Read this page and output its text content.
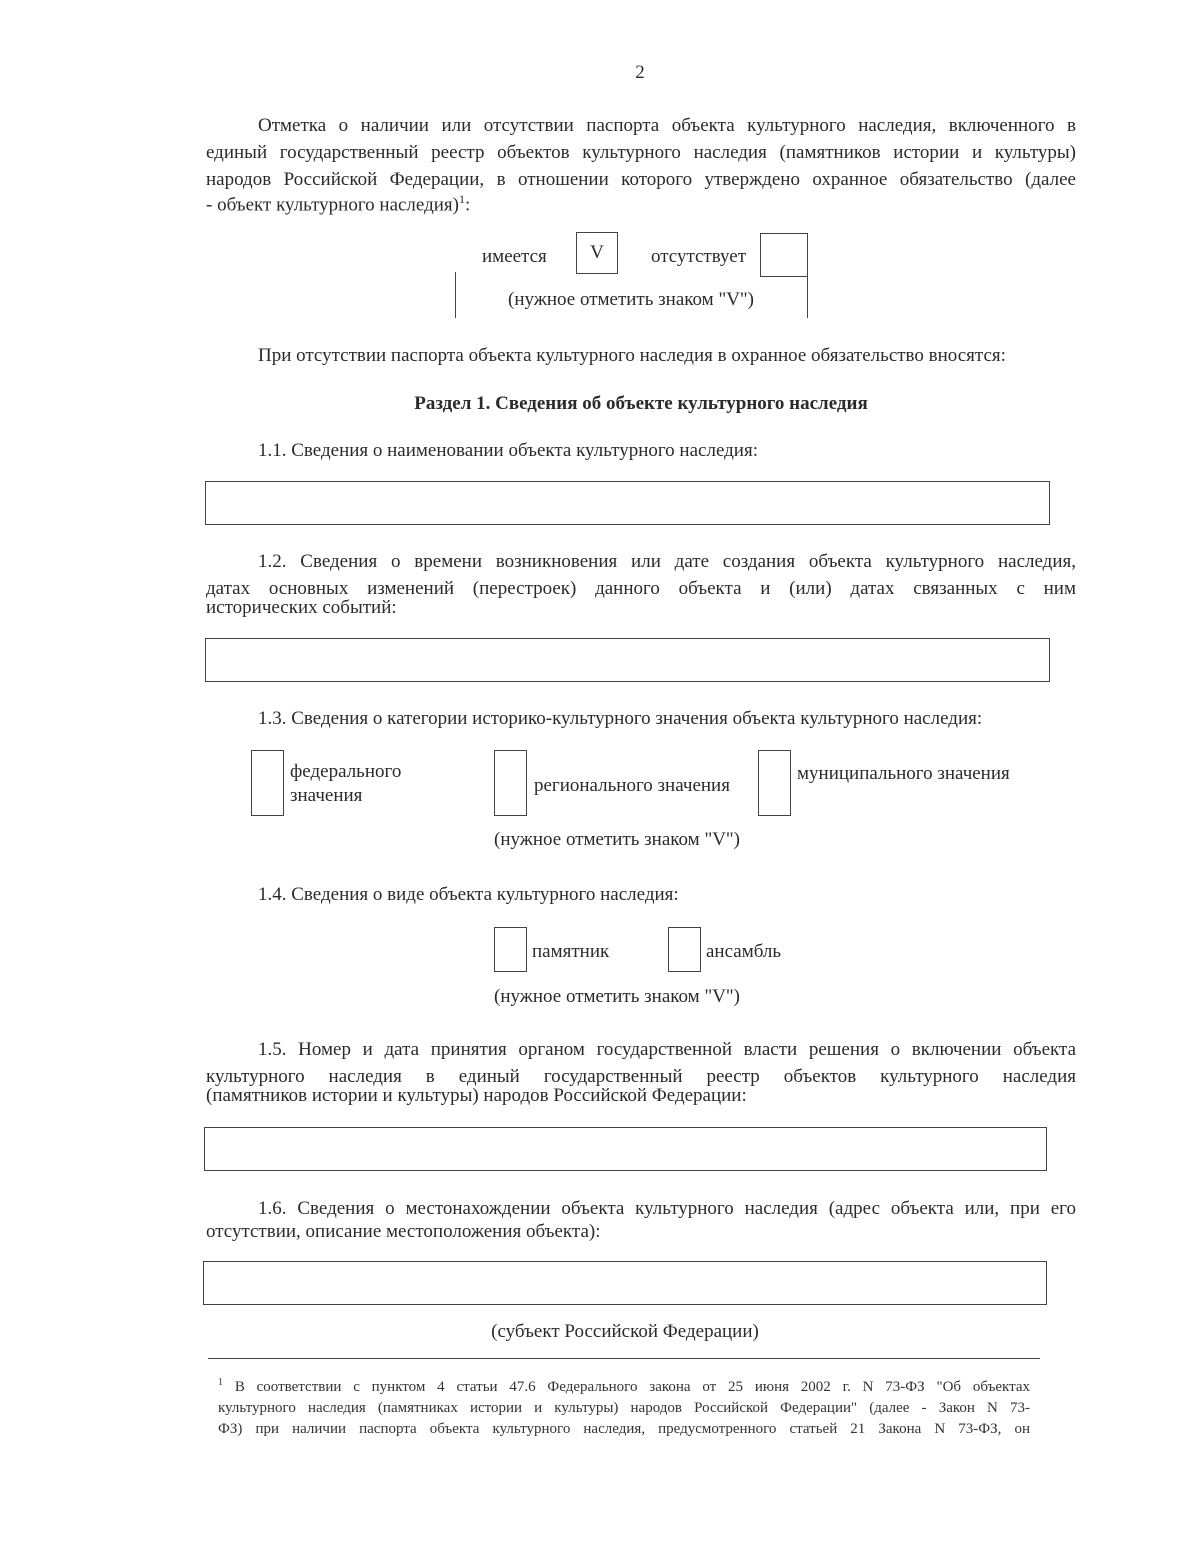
2
Отметка о наличии или отсутствии паспорта объекта культурного наследия, включенного в
единый государственный реестр объектов культурного наследия (памятников истории и культуры)
народов Российской Федерации, в отношении которого утверждено охранное обязательство (далее
- объект культурного наследия)$^1$:
имеется	V	отсутствует
(нужное отметить знаком "V")
При отсутствии паспорта объекта культурного наследия в охранное обязательство вносятся:
Раздел 1. Сведения об объекте культурного наследия
1.1. Сведения о наименовании объекта культурного наследия:
1.2. Сведения о времени возникновения или дате создания объекта культурного наследия,
датах основных изменений (перестроек) данного объекта и (или) датах связанных с ним
исторических событий:
1.3. Сведения о категории историко-культурного значения объекта культурного наследия:
федерального
значения	регионального значения
муниципального значения
(нужное отметить знаком "V")
1.4. Сведения о виде объекта культурного наследия:
памятник	ансамбль
(нужное отметить знаком "V")
1.5. Номер и дата принятия органом государственной власти решения о включении объекта
культурного наследия в единый государственный реестр объектов культурного наследия
(памятников истории и культуры) народов Российской Федерации:
1.6. Сведения о местонахождении объекта культурного наследия (адрес объекта или, при его
отсутствии, описание местоположения объекта):
(субъект Российской Федерации)
$^1$ В соответствии с пунктом 4 статьи 47.6 Федерального закона от 25 июня 2002 г. N 73-ФЗ "Об объектах
культурного наследия (памятниках истории и культуры) народов Российской Федерации" (далее - Закон N 73-
ФЗ) при наличии паспорта объекта культурного наследия, предусмотренного статьей 21 Закона N 73-ФЗ, он
